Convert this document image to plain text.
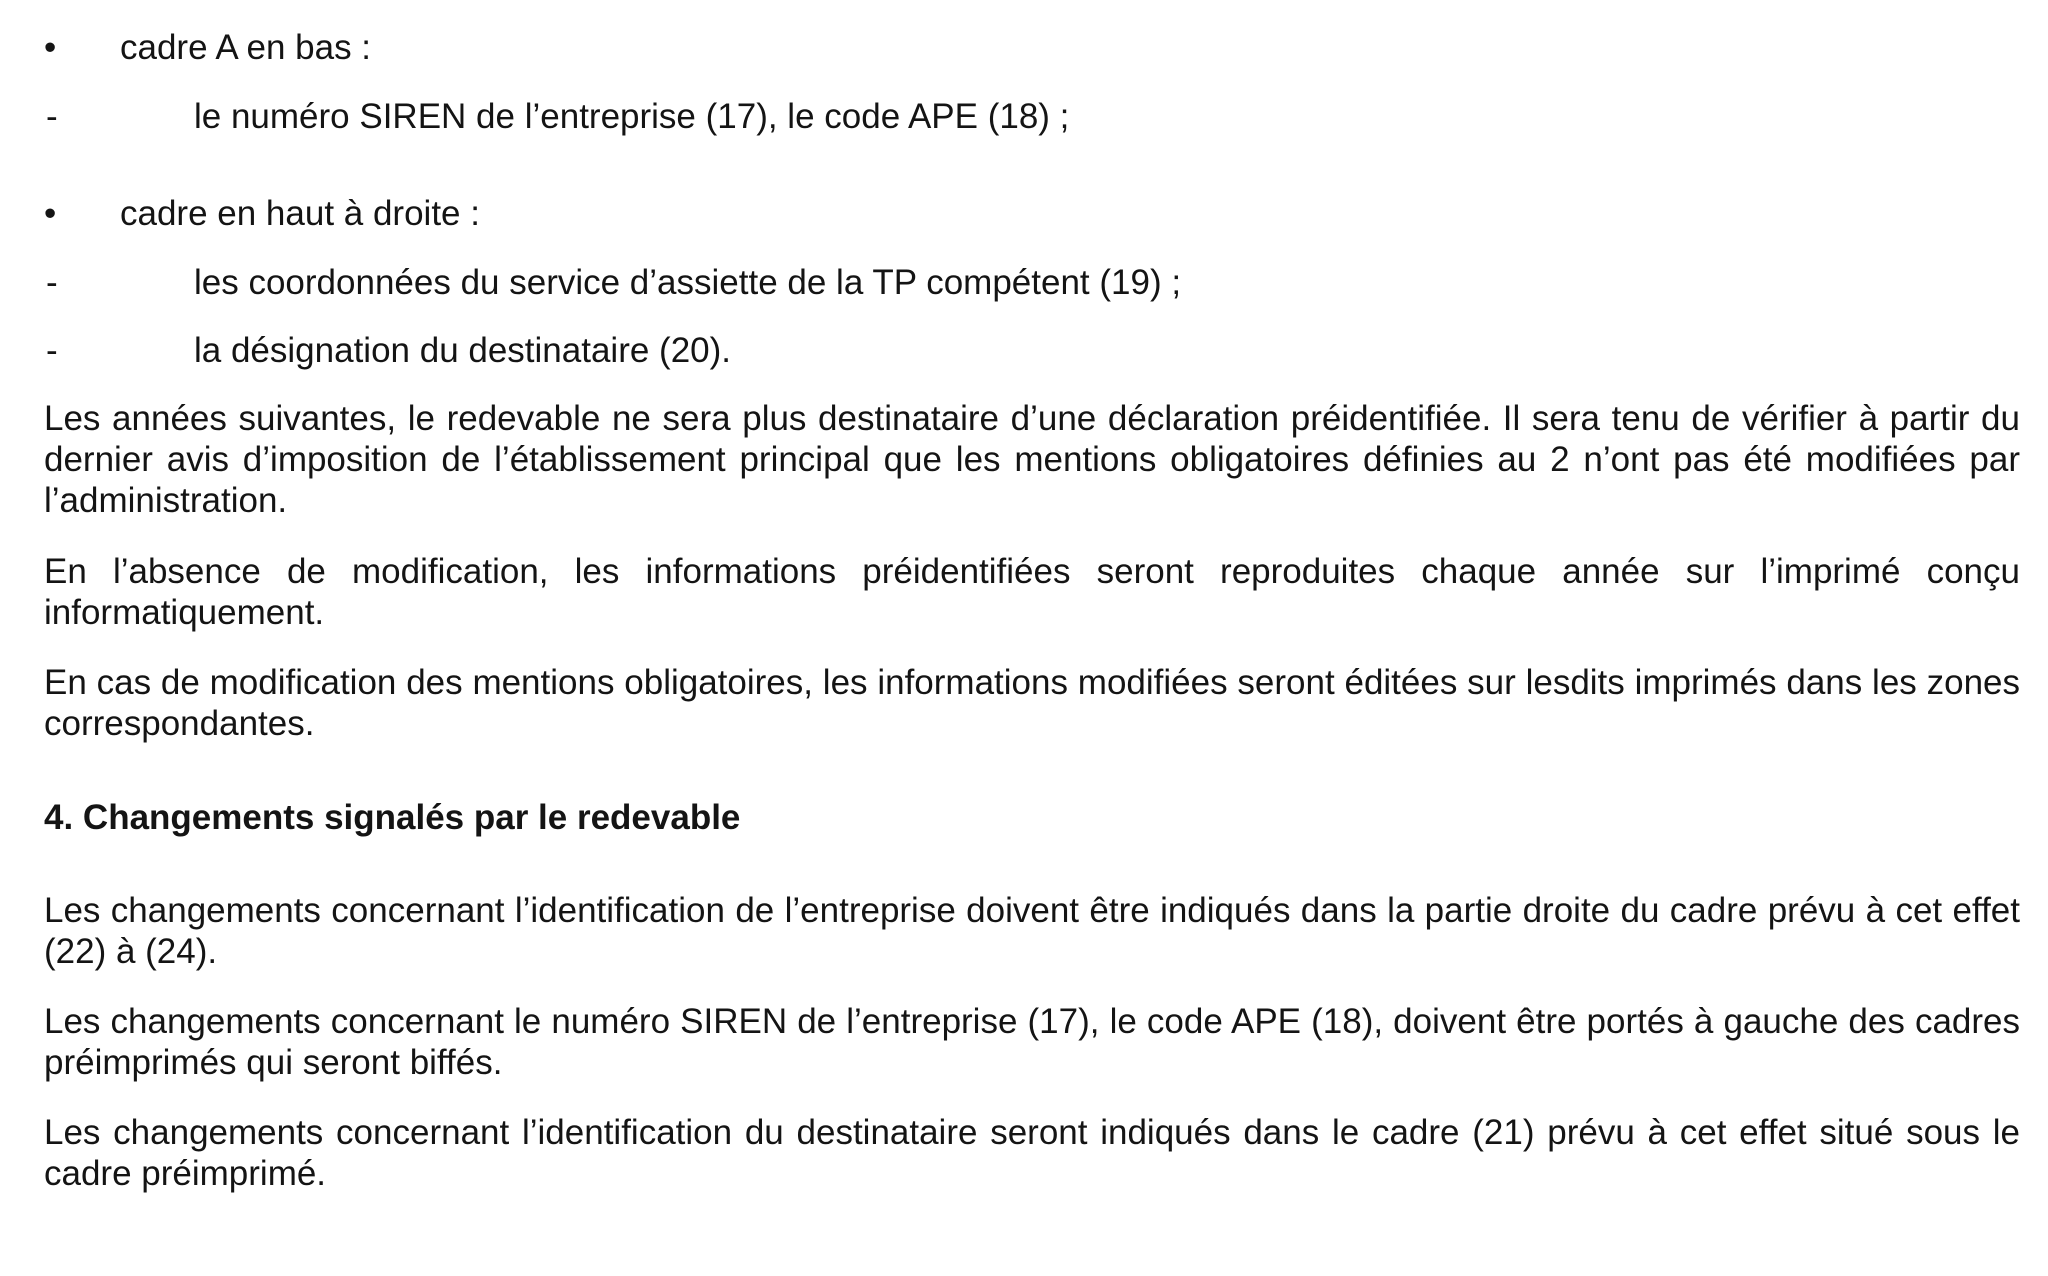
• cadre A en bas :
-	le numéro SIREN de l’entreprise (17), le code APE (18) ;
• cadre en haut à droite :
-	les coordonnées du service d’assiette de la TP compétent (19) ;
-	la désignation du destinataire (20).

Les années suivantes, le redevable ne sera plus destinataire d’une déclaration préidentifiée. Il sera tenu de vérifier à partir du dernier avis d’imposition de l’établissement principal que les mentions obligatoires définies au 2 n’ont pas été modifiées par l’administration.

En l’absence de modification, les informations préidentifiées seront reproduites chaque année sur l’imprimé conçu informatiquement.

En cas de modification des mentions obligatoires, les informations modifiées seront éditées sur lesdits imprimés dans les zones correspondantes.

4. Changements signalés par le redevable

Les changements concernant l’identification de l’entreprise doivent être indiqués dans la partie droite du cadre prévu à cet effet (22) à (24).

Les changements concernant le numéro SIREN de l’entreprise (17), le code APE (18), doivent être portés à gauche des cadres préimprimés qui seront biffés.

Les changements concernant l’identification du destinataire seront indiqués dans le cadre (21) prévu à cet effet situé sous le cadre préimprimé.
